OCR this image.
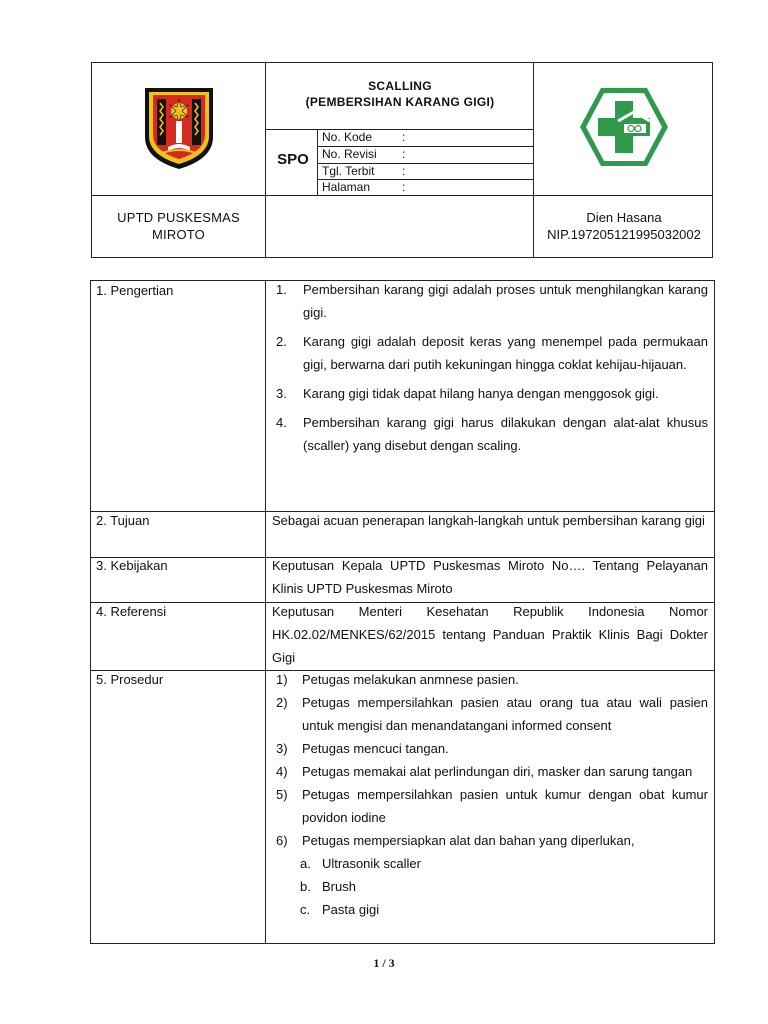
SCALLING
(PEMBERSIHAN KARANG GIGI)
SPO
No. Kode :
No. Revisi :
Tgl. Terbit :
Halaman	:
UPTD PUSKESMAS
MIROTO
Dien Hasana
NIP.197205121995032002
1. Pengertian	1. Pembersihan karang gigi adalah proses untuk menghilangkan karang gigi.
2. Karang gigi adalah deposit keras yang menempel pada permukaan gigi, berwarna dari putih kekuningan hingga coklat kehijau-hijauan.
3. Karang gigi tidak dapat hilang hanya dengan menggosok gigi.
4. Pembersihan karang gigi harus dilakukan dengan alat-alat khusus (scaller) yang disebut dengan scaling.
2. Tujuan	Sebagai acuan penerapan langkah-langkah untuk pembersihan karang gigi
3. Kebijakan	Keputusan Kepala UPTD Puskesmas Miroto No…. Tentang Pelayanan Klinis UPTD Puskesmas Miroto
4. Referensi	Keputusan Menteri Kesehatan Republik Indonesia Nomor HK.02.02/MENKES/62/2015 tentang Panduan Praktik Klinis Bagi Dokter Gigi
5. Prosedur	1) Petugas melakukan anmnese pasien.
2) Petugas mempersilahkan pasien atau orang tua atau wali pasien untuk mengisi dan menandatangani informed consent
3) Petugas mencuci tangan.
4) Petugas memakai alat perlindungan diri, masker dan sarung tangan
5) Petugas mempersilahkan pasien untuk kumur dengan obat kumur povidon iodine
6) Petugas mempersiapkan alat dan bahan yang diperlukan,
a. Ultrasonik scaller
b. Brush
c. Pasta gigi
1 / 3
